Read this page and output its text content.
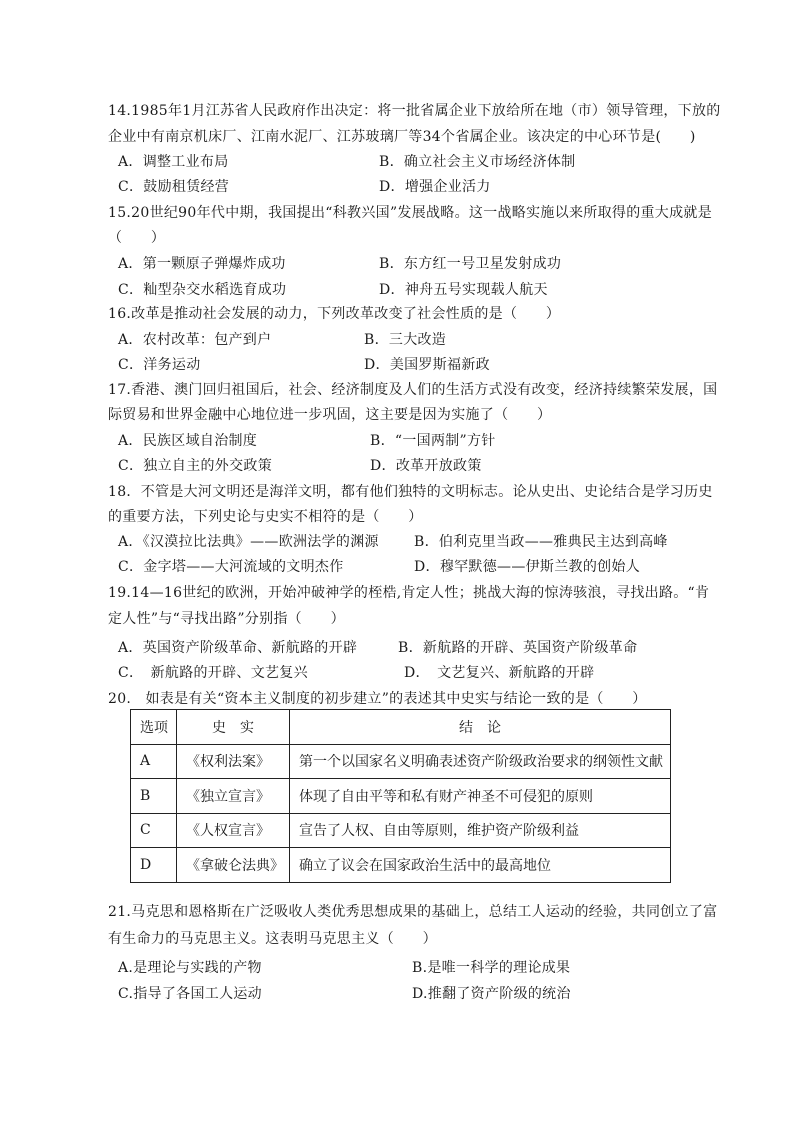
14.1985年1月江苏省人民政府作出决定：将一批省属企业下放给所在地（市）领导管理，下放的
企业中有南京机床厂、江南水泥厂、江苏玻璃厂等34个省属企业。该决定的中心环节是(　　)
A．调整工业布局	B．确立社会主义市场经济体制
C．鼓励租赁经营	D．增强企业活力
15.20世纪90年代中期，我国提出“科教兴国”发展战略。这一战略实施以来所取得的重大成就是
（　　）
A．第一颗原子弹爆炸成功	B．东方红一号卫星发射成功
C．籼型杂交水稻选育成功	D．神舟五号实现载人航天
16.改革是推动社会发展的动力，下列改革改变了社会性质的是（　　）
A．农村改革：包产到户	B．三大改造
C．洋务运动	D．美国罗斯福新政
17.香港、澳门回归祖国后，社会、经济制度及人们的生活方式没有改变，经济持续繁荣发展，国
际贸易和世界金融中心地位进一步巩固，这主要是因为实施了（　　）
A．民族区域自治制度	B．“一国两制”方针
C．独立自主的外交政策	D．改革开放政策
18．不管是大河文明还是海洋文明，都有他们独特的文明标志。论从史出、史论结合是学习历史
的重要方法，下列史论与史实不相符的是（　　）
A．《汉漠拉比法典》——欧洲法学的渊源	B．伯利克里当政——雅典民主达到高峰
C．金字塔——大河流域的文明杰作	D．穆罕默德——伊斯兰教的创始人
19.14—16世纪的欧洲，开始冲破神学的桎梏,肯定人性；挑战大海的惊涛骇浪，寻找出路。“肯
定人性”与“寻找出路”分别指（　　）
A．英国资产阶级革命、新航路的开辟	B．新航路的开辟、英国资产阶级革命
C．　新航路的开辟、文艺复兴	D．　文艺复兴、新航路的开辟
20.　如表是有关“资本主义制度的初步建立”的表述其中史实与结论一致的是（　　）
选项	史　实	结　论
A	《权利法案》	第一个以国家名义明确表述资产阶级政治要求的纲领性文献
B	《独立宣言》	体现了自由平等和私有财产神圣不可侵犯的原则
C	《人权宣言》	宣告了人权、自由等原则，维护资产阶级利益
D	《拿破仑法典》	确立了议会在国家政治生活中的最高地位
21.马克思和恩格斯在广泛吸收人类优秀思想成果的基础上，总结工人运动的经验，共同创立了富
有生命力的马克思主义。这表明马克思主义（　　）
A.是理论与实践的产物	B.是唯一科学的理论成果
C.指导了各国工人运动	D.推翻了资产阶级的统治
